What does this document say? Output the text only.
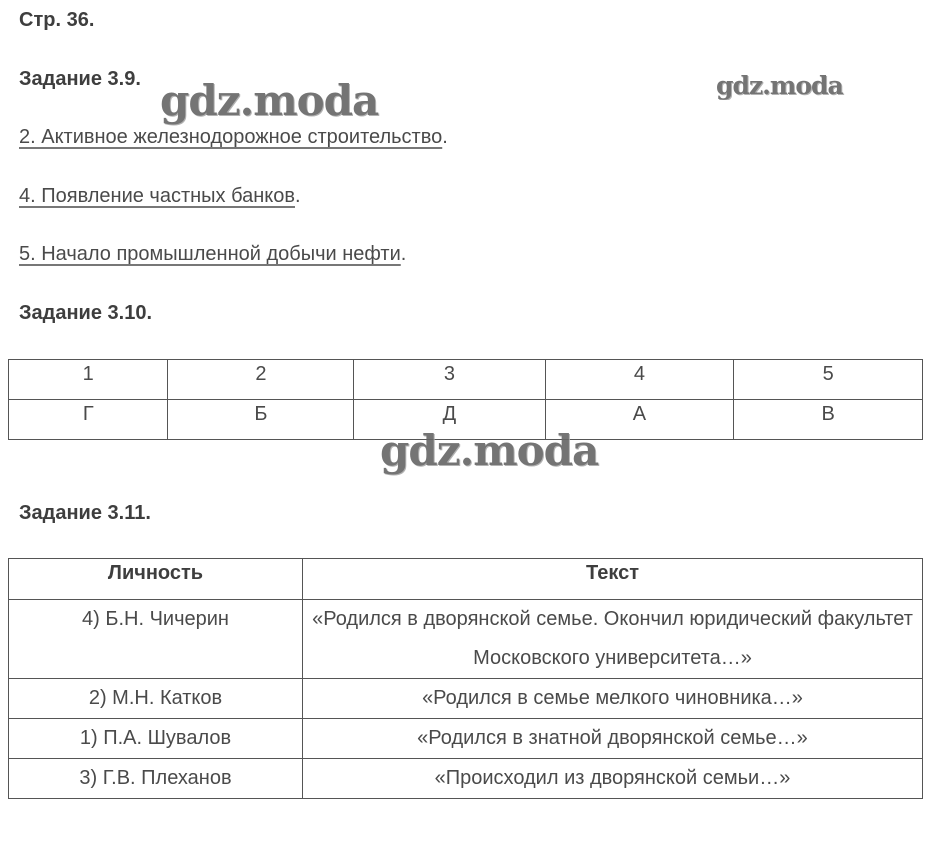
Стр. 36.
Задание 3.9. gdz.moda	gdz.moda
2. Активное железнодорожное строительство.
4. Появление частных банков.
5. Начало промышленной добычи нефти.
Задание 3.10.
1	2	3	4	5
Г	Б	Д	А	В
gdz.moda
Задание 3.11.
Личность	Текст
4) Б.Н. Чичерин	«Родился в дворянской семье. Окончил юридический факультет Московского университета…»
2) М.Н. Катков	«Родился в семье мелкого чиновника…»
1) П.А. Шувалов	«Родился в знатной дворянской семье…»
3) Г.В. Плеханов	«Происходил из дворянской семьи…»
